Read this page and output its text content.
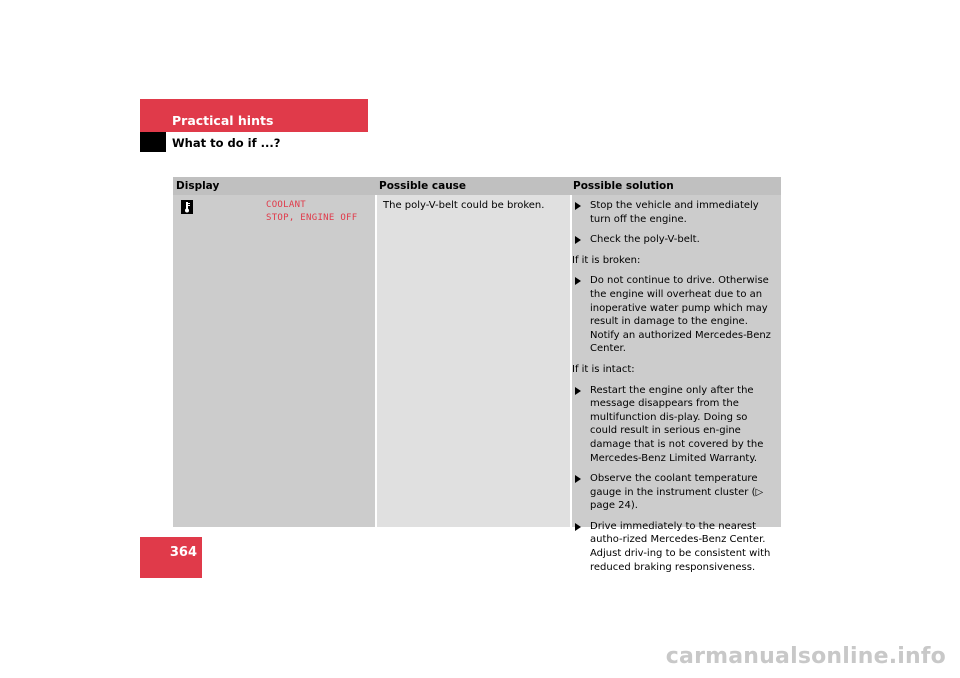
Practical hints
What to do if ...?
Display	Possible cause	Possible solution
COOLANT
STOP, ENGINE OFF
The poly-V-belt could be broken.	Stop the vehicle and immediately turn off the engine.
Check the poly-V-belt.
If it is broken:
Do not continue to drive. Otherwise the engine will overheat due to an inoperative water pump which may result in damage to the engine. Notify an authorized Mercedes-Benz Center.
If it is intact:
Restart the engine only after the message disappears from the multifunction dis-play. Doing so could result in serious en-gine damage that is not covered by the Mercedes-Benz Limited Warranty.
Observe the coolant temperature gauge in the instrument cluster (▷ page 24).
Drive immediately to the nearest autho-rized Mercedes-Benz Center. Adjust driv-ing to be consistent with reduced braking responsiveness.
364
carmanualsonline.info
